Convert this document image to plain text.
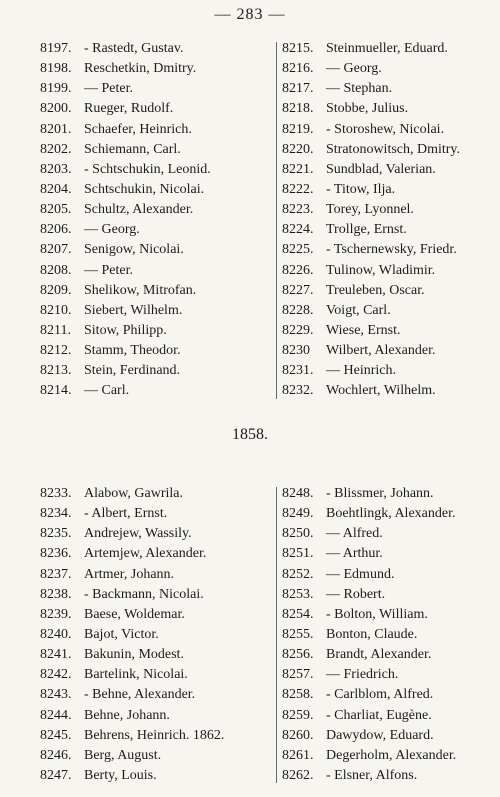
— 283 —
8197. - Rastedt, Gustav.
8198. Reschetkin, Dmitry.
8199. — Peter.
8200. Rueger, Rudolf.
8201. Schaefer, Heinrich.
8202. Schiemann, Carl.
8203. - Schtschukin, Leonid.
8204. Schtschukin, Nicolai.
8205. Schultz, Alexander.
8206. — Georg.
8207. Senigow, Nicolai.
8208. — Peter.
8209. Shelikow, Mitrofan.
8210. Siebert, Wilhelm.
8211. Sitow, Philipp.
8212. Stamm, Theodor.
8213. Stein, Ferdinand.
8214. — Carl.
8215. Steinmueller, Eduard.
8216. — Georg.
8217. — Stephan.
8218. Stobbe, Julius.
8219. - Storoshew, Nicolai.
8220. Stratonowitsch, Dmitry.
8221. Sundblad, Valerian.
8222. - Titow, Ilja.
8223. Torey, Lyonnel.
8224. Trollge, Ernst.
8225. - Tschernewsky, Friedr.
8226. Tulinow, Wladimir.
8227. Treuleben, Oscar.
8228. Voigt, Carl.
8229. Wiese, Ernst.
8230	Wilbert, Alexander.
8231. — Heinrich.
8232. Wochlert, Wilhelm.
1858.
8233. Alabow, Gawrila.
8234. - Albert, Ernst.
8235. Andrejew, Wassily.
8236. Artemjew, Alexander.
8237. Artmer, Johann.
8238. - Backmann, Nicolai.
8239. Baese, Woldemar.
8240. Bajot, Victor.
8241. Bakunin, Modest.
8242. Bartelink, Nicolai.
8243. - Behne, Alexander.
8244. Behne, Johann.
8245. Behrens, Heinrich. 1862.
8246. Berg, August.
8247. Berty, Louis.
8248. - Blissmer, Johann.
8249. Boehtlingk, Alexander.
8250. — Alfred.
8251. — Arthur.
8252. — Edmund.
8253. — Robert.
8254. - Bolton, William.
8255. Bonton, Claude.
8256. Brandt, Alexander.
8257. — Friedrich.
8258. - Carlblom, Alfred.
8259. - Charliat, Eugène.
8260. Dawydow, Eduard.
8261. Degerholm, Alexander.
8262. - Elsner, Alfons.
